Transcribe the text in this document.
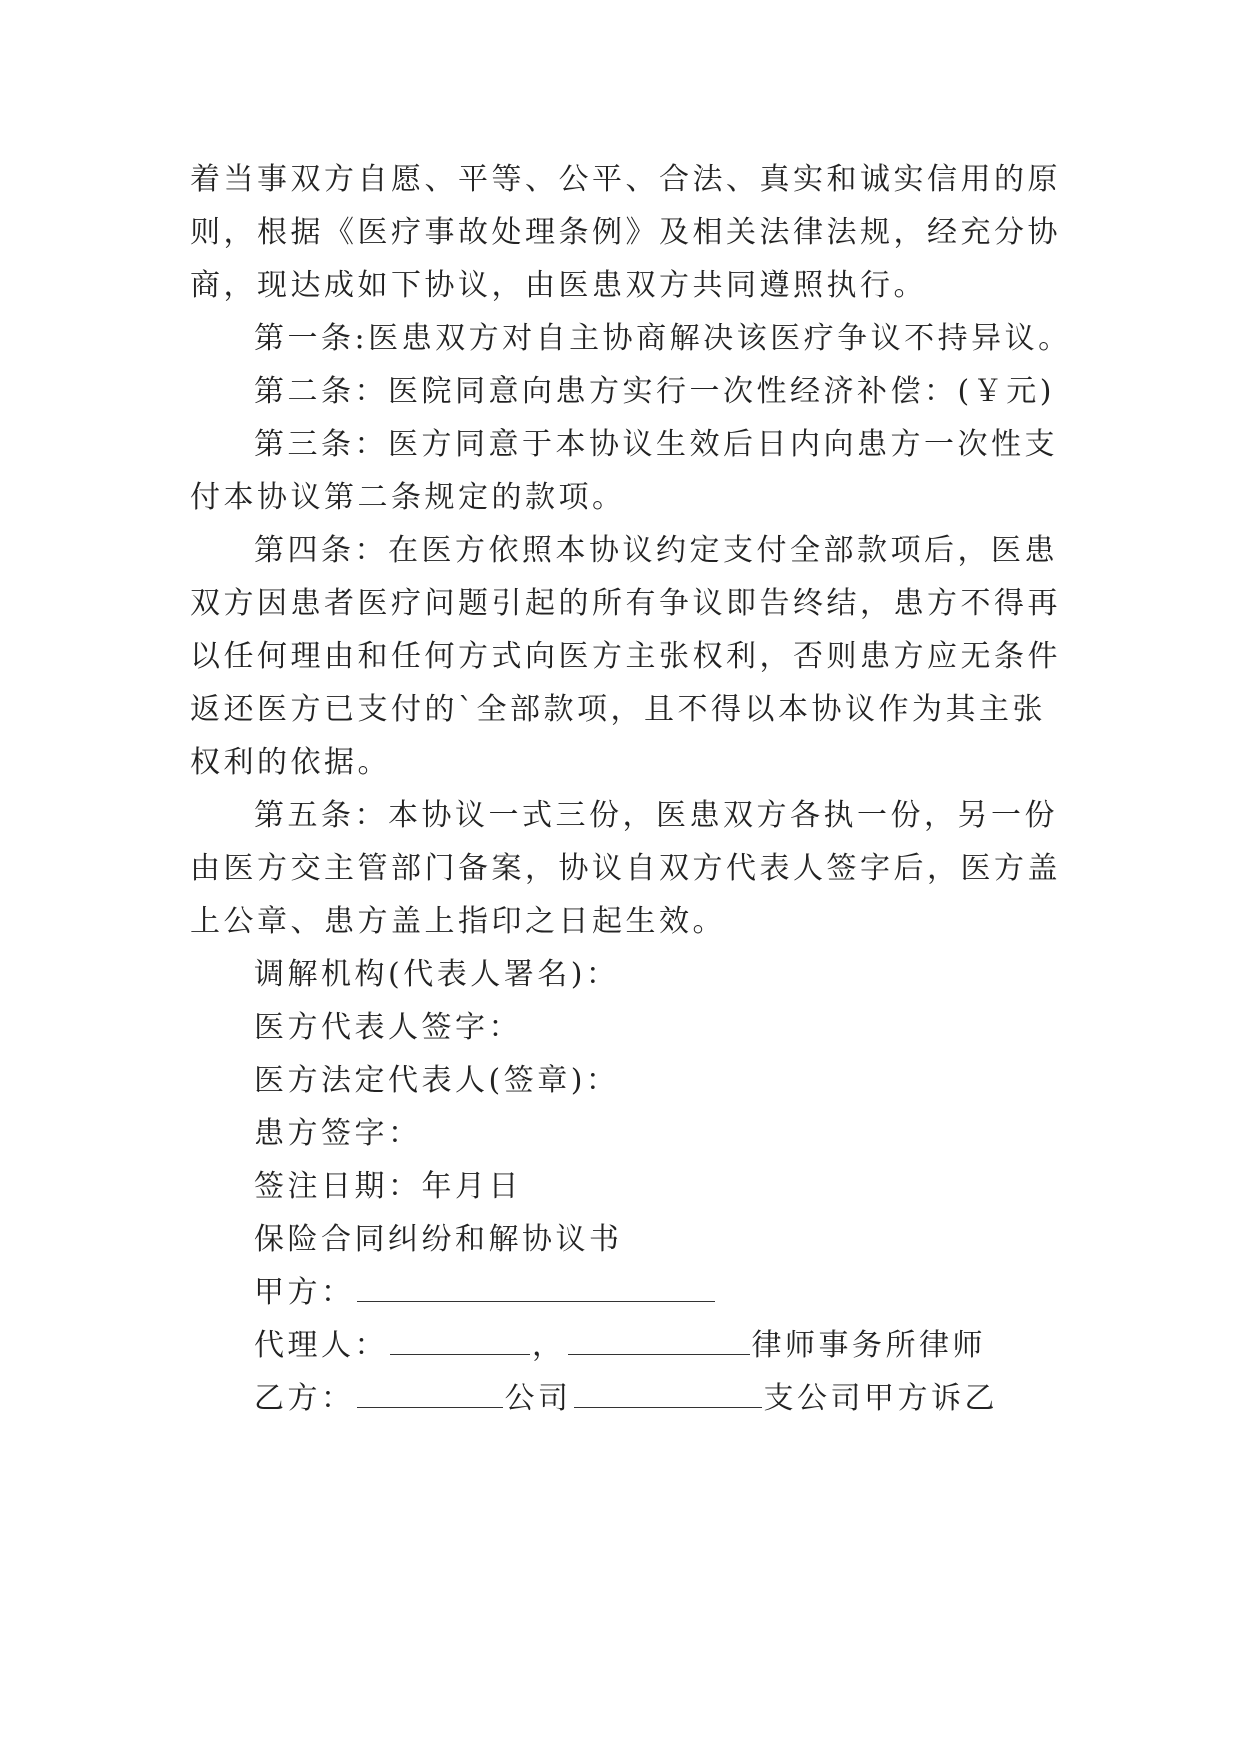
着当事双方自愿、平等、公平、合法、真实和诚实信用的原
则，根据《医疗事故处理条例》及相关法律法规，经充分协
商，现达成如下协议，由医患双方共同遵照执行。
第一条:医患双方对自主协商解决该医疗争议不持异议。
第二条：医院同意向患方实行一次性经济补偿：(￥元)
第三条：医方同意于本协议生效后日内向患方一次性支
付本协议第二条规定的款项。
第四条：在医方依照本协议约定支付全部款项后，医患
双方因患者医疗问题引起的所有争议即告终结，患方不得再
以任何理由和任何方式向医方主张权利，否则患方应无条件
返还医方已支付的`全部款项，且不得以本协议作为其主张
权利的依据。
第五条：本协议一式三份，医患双方各执一份，另一份
由医方交主管部门备案，协议自双方代表人签字后，医方盖
上公章、患方盖上指印之日起生效。
调解机构(代表人署名)：
医方代表人签字：
医方法定代表人(签章)：
患方签字：
签注日期：年月日
保险合同纠纷和解协议书
甲方：
代理人：	，	律师事务所律师
乙方：	公司	支公司甲方诉乙
